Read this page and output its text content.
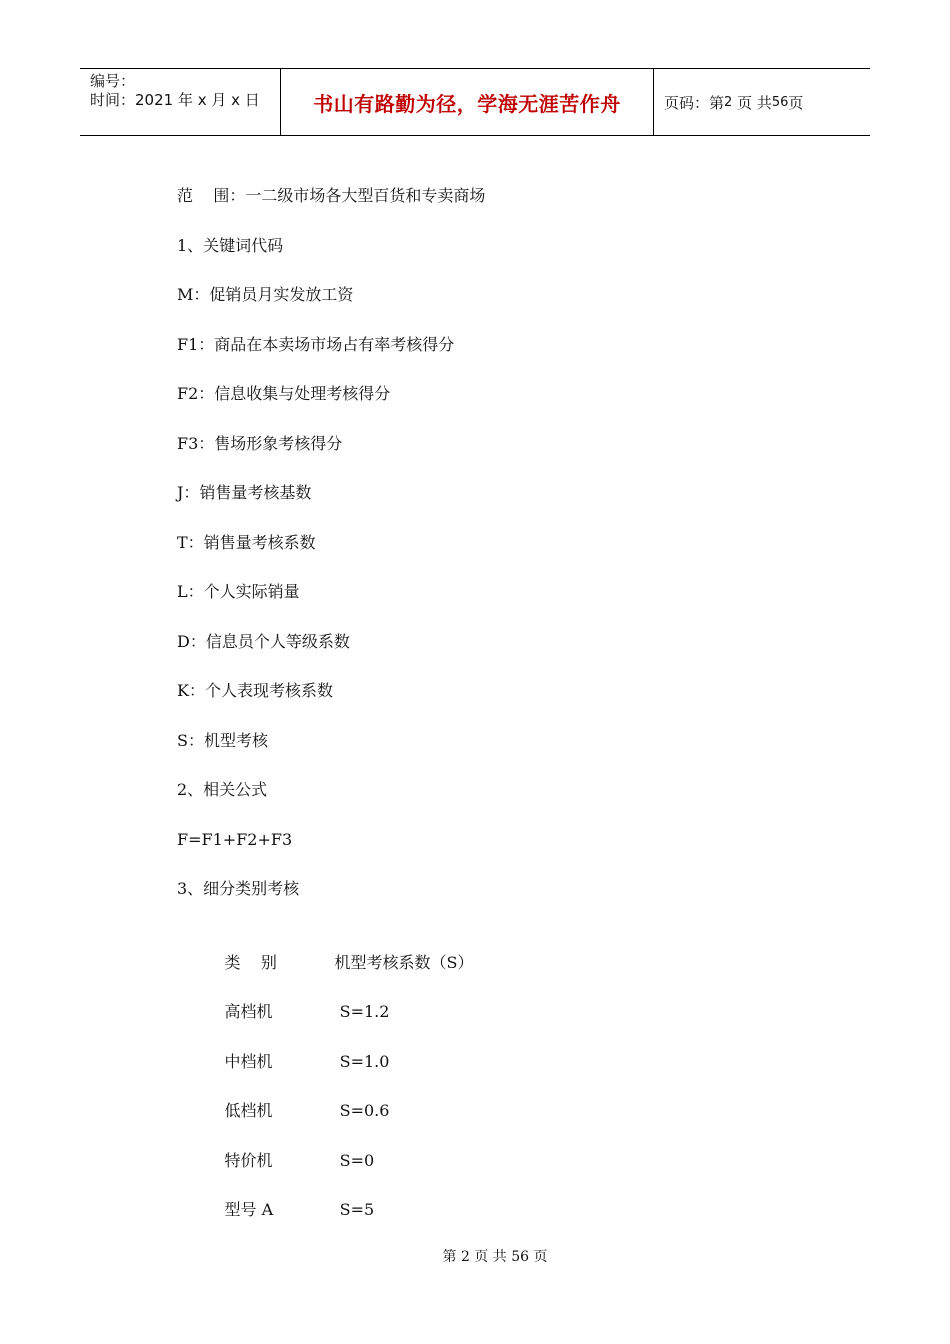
编号：
时间：2021 年 x 月 x 日	书山有路勤为径，学海无涯苦作舟	页码：第 2
页 共 56 页
范    围：一二级市场各大型百货和专卖商场
1、关键词代码
M：促销员月实发放工资
F1：商品在本卖场市场占有率考核得分
F2：信息收集与处理考核得分
F3：售场形象考核得分
J：销售量考核基数
T：销售量考核系数
L：个人实际销量
D：信息员个人等级系数
K：个人表现考核系数
S：机型考核
2、相关公式
F=F1+F2+F3
3、细分类别考核

类    别	机型考核系数（S）

高档机	S=1.2

中档机	S=1.0

低档机	S=0.6

特价机	S=0

型号 A	S=5

第 2 页 共 56 页
